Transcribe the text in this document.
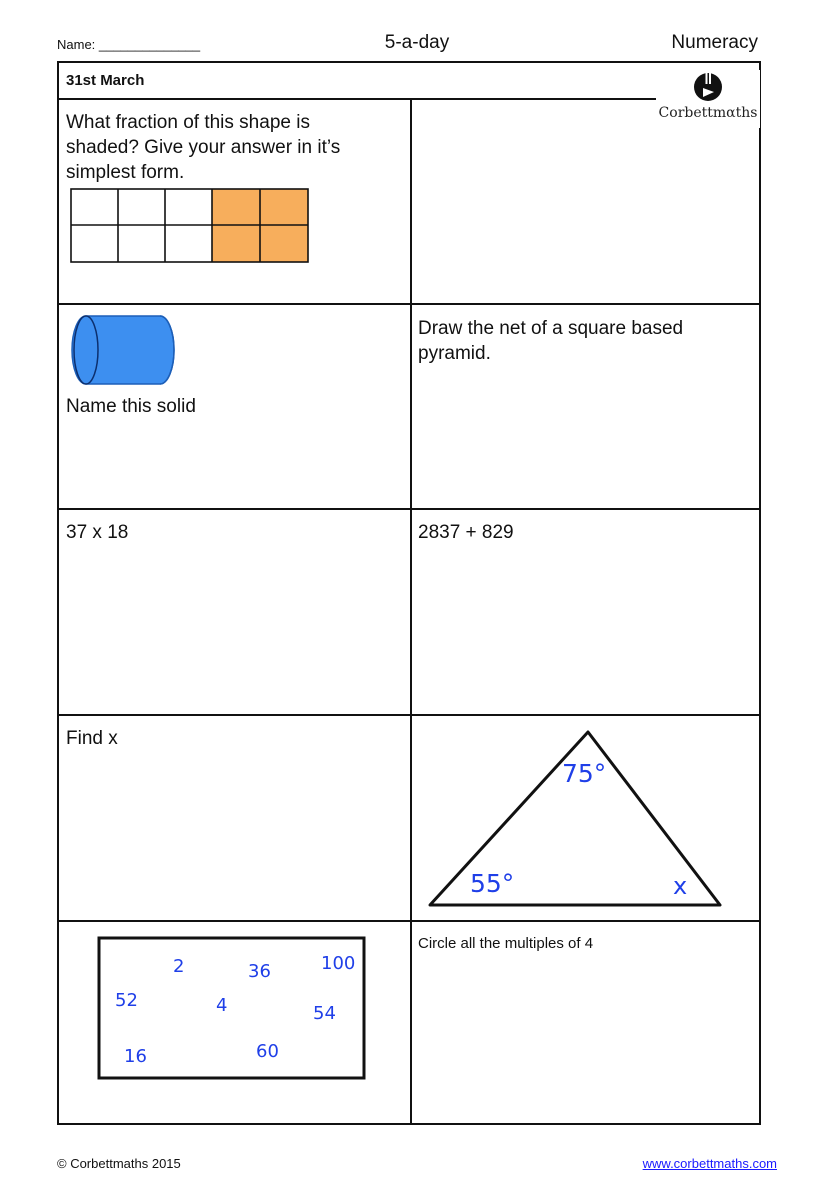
Name: ______________	5-a-day	Numeracy
31st March
Corbettmαths
What fraction of this shape is shaded? Give your answer in it’s simplest form.
Name this solid
Draw the net of a square based pyramid.
37 x 18	2837 + 829
Find x
75°
55°	x
2	36	100
52	4	54
16	60
Circle all the multiples of 4
© Corbettmaths 2015	www.corbettmaths.com
